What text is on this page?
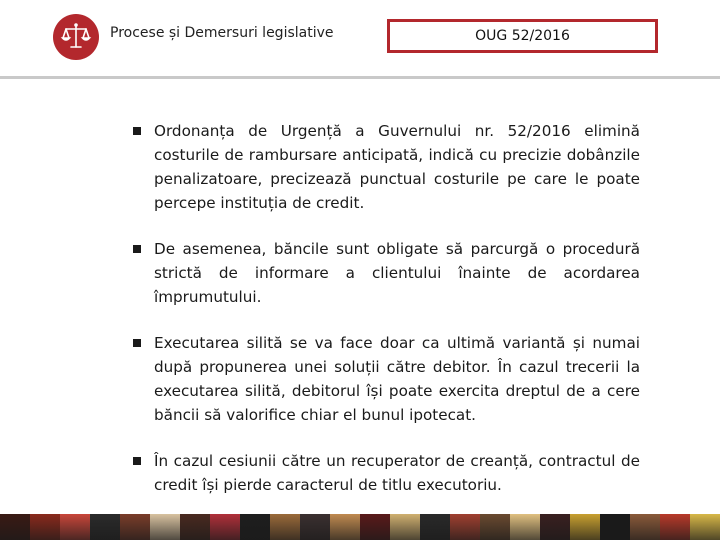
Procese și Demersuri legislative	OUG 52/2016
Ordonanța de Urgență a Guvernului nr. 52/2016 elimină costurile de rambursare anticipată, indică cu precizie dobânzile penalizatoare, precizează punctual costurile pe care le poate percepe instituția de credit.
De asemenea, băncile sunt obligate să parcurgă o procedură strictă de informare a clientului înainte de acordarea împrumutului.
Executarea silită se va face doar ca ultimă variantă și numai după propunerea unei soluții către debitor. În cazul trecerii la executarea silită, debitorul își poate exercita dreptul de a cere băncii să valorifice chiar el bunul ipotecat.
În cazul cesiunii către un recuperator de creanță, contractul de credit își pierde caracterul de titlu executoriu.
